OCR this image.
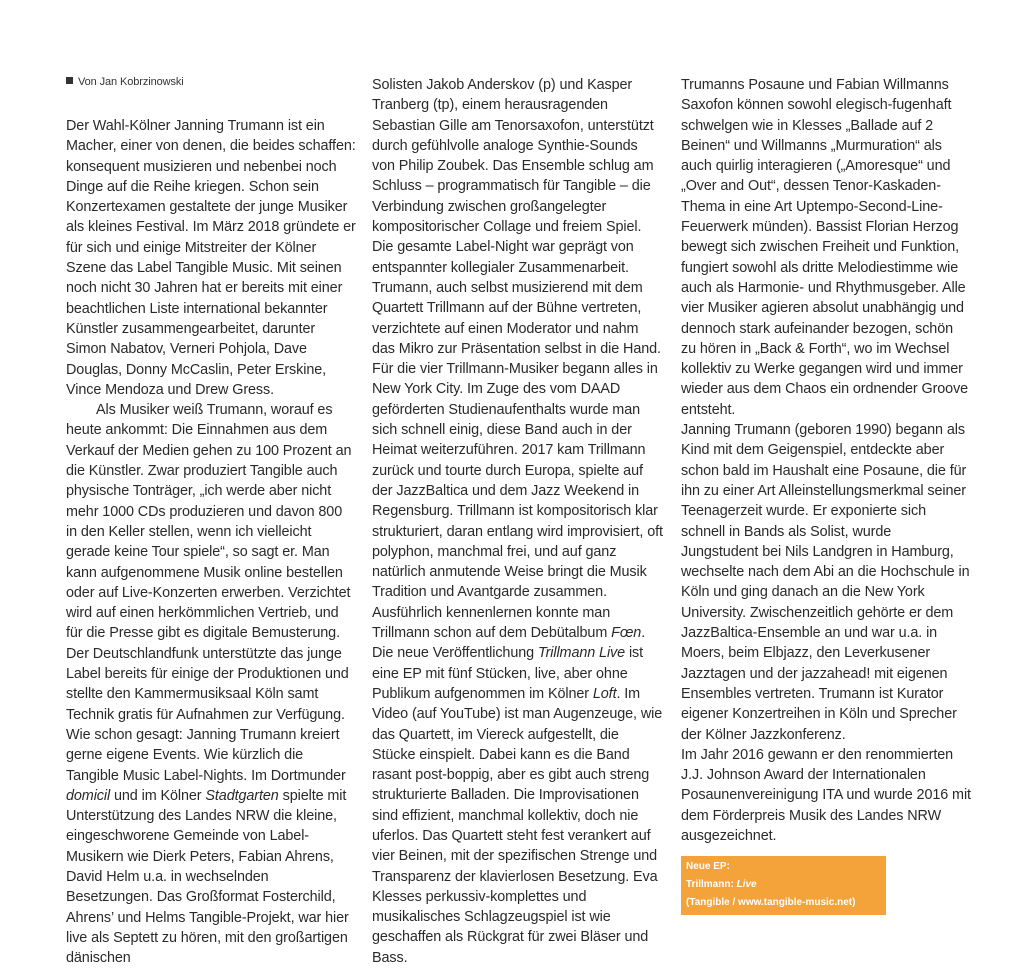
Von Jan Kobrzinowski

Der Wahl-Kölner Janning Trumann ist ein Macher, einer von denen, die beides schaffen: konsequent musizieren und nebenbei noch Dinge auf die Reihe kriegen. Schon sein Konzertexamen gestaltete der junge Musiker als kleines Festival. Im März 2018 gründete er für sich und einige Mitstreiter der Kölner Szene das Label Tangible Music. Mit seinen noch nicht 30 Jahren hat er bereits mit einer beachtlichen Liste international bekannter Künstler zusammengearbeitet, darunter Simon Nabatov, Verneri Pohjola, Dave Douglas, Donny McCaslin, Peter Erskine, Vince Mendoza und Drew Gress.

Als Musiker weiß Trumann, worauf es heute ankommt: Die Einnahmen aus dem Verkauf der Medien gehen zu 100 Prozent an die Künstler. Zwar produziert Tangible auch physische Tonträger, „ich werde aber nicht mehr 1000 CDs produzieren und davon 800 in den Keller stellen, wenn ich vielleicht gerade keine Tour spiele“, so sagt er. Man kann aufgenommene Musik online bestellen oder auf Live-Konzerten erwerben. Verzichtet wird auf einen herkömmlichen Vertrieb, und für die Presse gibt es digitale Bemusterung. Der Deutschlandfunk unterstützte das junge Label bereits für einige der Produktionen und stellte den Kammermusiksaal Köln samt Technik gratis für Aufnahmen zur Verfügung. Wie schon gesagt: Janning Trumann kreiert gerne eigene Events. Wie kürzlich die Tangible Music Label-Nights. Im Dortmunder domicil und im Kölner Stadtgarten spielte mit Unterstützung des Landes NRW die kleine, eingeschworene Gemeinde von Label-Musikern wie Dierk Peters, Fabian Ahrens, David Helm u.a. in wechselnden Besetzungen. Das Großformat Fosterchild, Ahrens’ und Helms Tangible-Projekt, war hier live als Septett zu hören, mit den großartigen dänischen

Solisten Jakob Anderskov (p) und Kasper Tranberg (tp), einem herausragenden Sebastian Gille am Tenorsaxofon, unterstützt durch gefühlvolle analoge Synthie-Sounds von Philip Zoubek. Das Ensemble schlug am Schluss – programmatisch für Tangible – die Verbindung zwischen großangelegter kompositorischer Collage und freiem Spiel. Die gesamte Label-Night war geprägt von entspannter kollegialer Zusammenarbeit. Trumann, auch selbst musizierend mit dem Quartett Trillmann auf der Bühne vertreten, verzichtete auf einen Moderator und nahm das Mikro zur Präsentation selbst in die Hand.

Für die vier Trillmann-Musiker begann alles in New York City. Im Zuge des vom DAAD geförderten Studienaufenthalts wurde man sich schnell einig, diese Band auch in der Heimat weiterzuführen. 2017 kam Trillmann zurück und tourte durch Europa, spielte auf der JazzBaltica und dem Jazz Weekend in Regensburg. Trillmann ist kompositorisch klar strukturiert, daran entlang wird improvisiert, oft polyphon, manchmal frei, und auf ganz natürlich anmutende Weise bringt die Musik Tradition und Avantgarde zusammen. Ausführlich kennenlernen konnte man Trillmann schon auf dem Debütalbum Fœn. Die neue Veröffentlichung Trillmann Live ist eine EP mit fünf Stücken, live, aber ohne Publikum aufgenommen im Kölner Loft. Im Video (auf YouTube) ist man Augenzeuge, wie das Quartett, im Viereck aufgestellt, die Stücke einspielt. Dabei kann es die Band rasant post-boppig, aber es gibt auch streng strukturierte Balladen. Die Improvisationen sind effizient, manchmal kollektiv, doch nie uferlos. Das Quartett steht fest verankert auf vier Beinen, mit der spezifischen Strenge und Transparenz der klavierlosen Besetzung. Eva Klesses perkussiv-komplettes und musikalisches Schlagzeugspiel ist wie geschaffen als Rückgrat für zwei Bläser und Bass.

Trumanns Posaune und Fabian Willmanns Saxofon können sowohl elegisch-fugenhaft schwelgen wie in Klesses „Ballade auf 2 Beinen“ und Willmanns „Murmuration“ als auch quirlig interagieren („Amoresque“ und „Over and Out“, dessen Tenor-Kaskaden-Thema in eine Art Uptempo-Second-Line-Feuerwerk münden). Bassist Florian Herzog bewegt sich zwischen Freiheit und Funktion, fungiert sowohl als dritte Melodiestimme wie auch als Harmonie- und Rhythmusgeber. Alle vier Musiker agieren absolut unabhängig und dennoch stark aufeinander bezogen, schön zu hören in „Back & Forth“, wo im Wechsel kollektiv zu Werke gegangen wird und immer wieder aus dem Chaos ein ordnender Groove entsteht.

Janning Trumann (geboren 1990) begann als Kind mit dem Geigenspiel, entdeckte aber schon bald im Haushalt eine Posaune, die für ihn zu einer Art Alleinstellungsmerkmal seiner Teenagerzeit wurde. Er exponierte sich schnell in Bands als Solist, wurde Jungstudent bei Nils Landgren in Hamburg, wechselte nach dem Abi an die Hochschule in Köln und ging danach an die New York University. Zwischenzeitlich gehörte er dem JazzBaltica-Ensemble an und war u.a. in Moers, beim Elbjazz, den Leverkusener Jazztagen und der jazzahead! mit eigenen Ensembles vertreten. Trumann ist Kurator eigener Konzertreihen in Köln und Sprecher der Kölner Jazzkonferenz.

Im Jahr 2016 gewann er den renommierten J.J. Johnson Award der Internationalen Posaunenvereinigung ITA und wurde 2016 mit dem Förderpreis Musik des Landes NRW ausgezeichnet.

Neue EP:
Trillmann: Live
(Tangible / www.tangible-music.net)
